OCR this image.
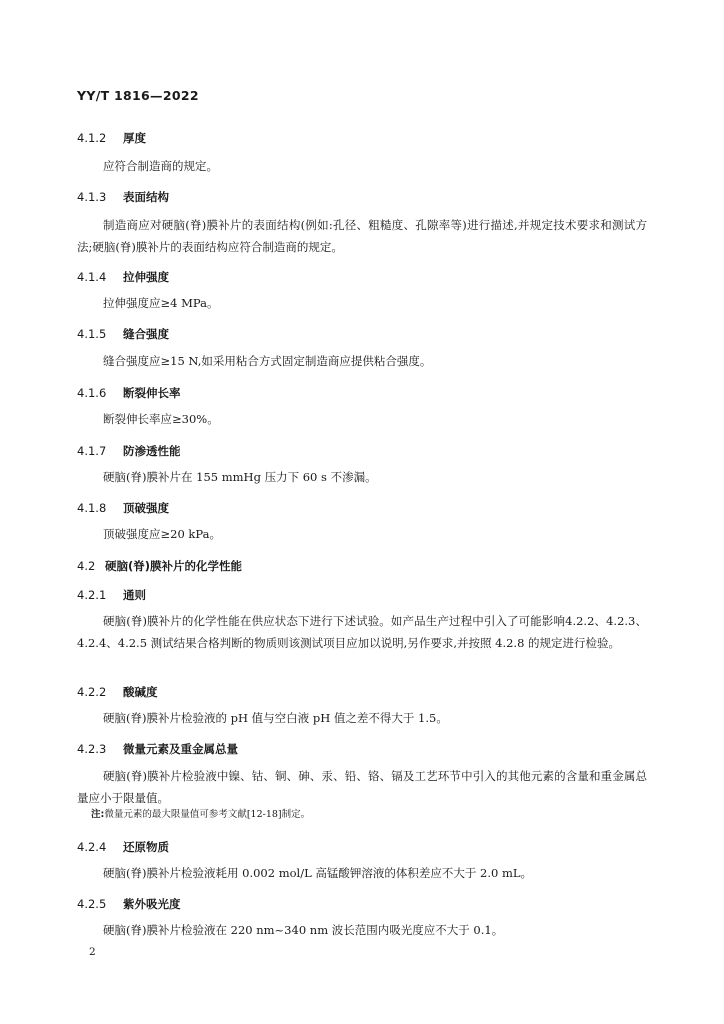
YY/T 1816—2022
4.1.2 厚度
应符合制造商的规定。
4.1.3 表面结构
制造商应对硬脑(脊)膜补片的表面结构(例如:孔径、粗糙度、孔隙率等)进行描述,并规定技术要求和测试方法;硬脑(脊)膜补片的表面结构应符合制造商的规定。
4.1.4 拉伸强度
拉伸强度应≥4 MPa。
4.1.5 缝合强度
缝合强度应≥15 N,如采用粘合方式固定制造商应提供粘合强度。
4.1.6 断裂伸长率
断裂伸长率应≥30%。
4.1.7 防渗透性能
硬脑(脊)膜补片在 155 mmHg 压力下 60 s 不渗漏。
4.1.8 顶破强度
顶破强度应≥20 kPa。
4.2 硬脑(脊)膜补片的化学性能
4.2.1 通则
硬脑(脊)膜补片的化学性能在供应状态下进行下述试验。如产品生产过程中引入了可能影响4.2.2、4.2.3、4.2.4、4.2.5 测试结果合格判断的物质则该测试项目应加以说明,另作要求,并按照 4.2.8 的规定进行检验。
4.2.2 酸碱度
硬脑(脊)膜补片检验液的 pH 值与空白液 pH 值之差不得大于 1.5。
4.2.3 微量元素及重金属总量
硬脑(脊)膜补片检验液中镍、钴、铜、砷、汞、铅、铬、镉及工艺环节中引入的其他元素的含量和重金属总量应小于限量值。
注:微量元素的最大限量值可参考文献[12-18]制定。
4.2.4 还原物质
硬脑(脊)膜补片检验液耗用 0.002 mol/L 高锰酸钾溶液的体积差应不大于 2.0 mL。
4.2.5 紫外吸光度
硬脑(脊)膜补片检验液在 220 nm~340 nm 波长范围内吸光度应不大于 0.1。
2
